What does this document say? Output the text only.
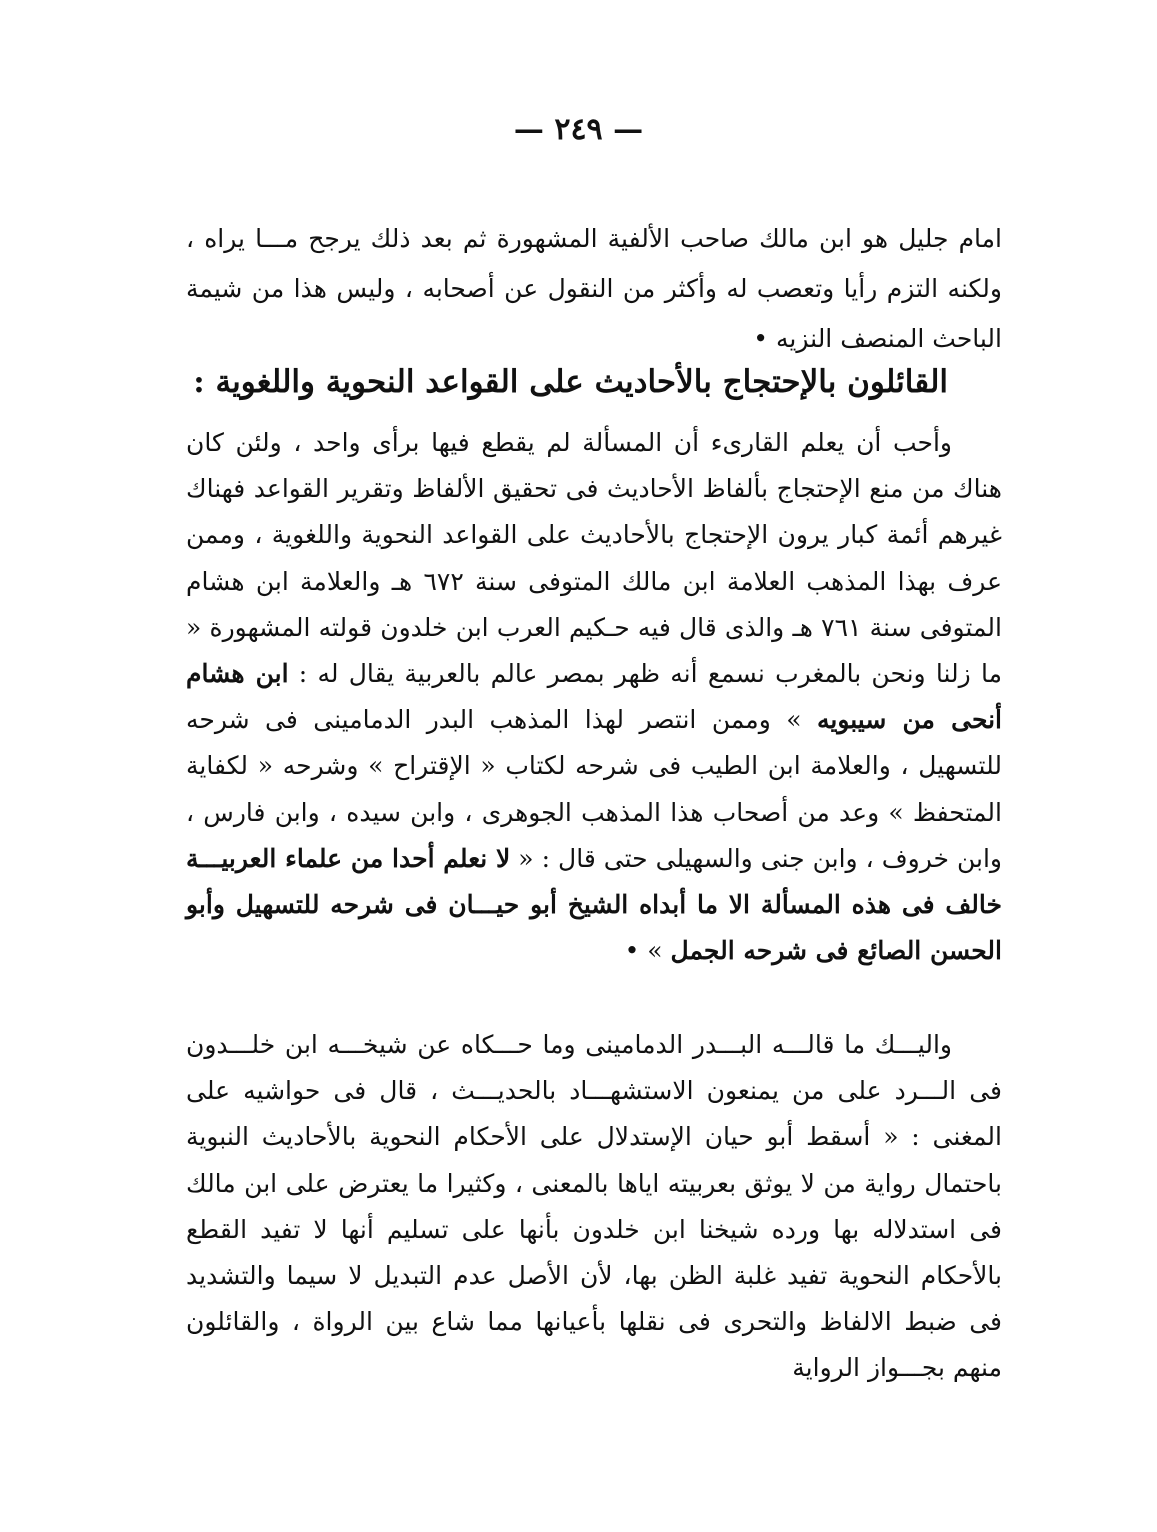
— ٢٤٩ —

امام جليل هو ابن مالك صاحب الألفية المشهورة ثم بعد ذلك يرجح مـــا يراه ، ولكنه التزم رأيا وتعصب له وأكثر من النقول عن أصحابه ، وليس هذا من شيمة الباحث المنصف النزيه •

القائلون بالإحتجاج بالأحاديث على القواعد النحوية واللغوية :

وأحب أن يعلم القارىء أن المسألة لم يقطع فيها برأى واحد ، ولئن كان هناك من منع الإحتجاج بألفاظ الأحاديث فى تحقيق الألفاظ وتقرير القواعد فهناك غيرهم أئمة كبار يرون الإحتجاج بالأحاديث على القواعد النحوية واللغوية ، وممن عرف بهذا المذهب العلامة ابن مالك المتوفى سنة ٦٧٢ هـ والعلامة ابن هشام المتوفى سنة ٧٦١ هـ والذى قال فيه حـكيم العرب ابن خلدون قولته المشهورة « ما زلنا ونحن بالمغرب نسمع أنه ظهر بمصر عالم بالعربية يقال له : ابن هشام أنحى من سيبويه » وممن انتصر لهذا المذهب البدر الدمامينى فى شرحه للتسهيل ، والعلامة ابن الطيب فى شرحه لكتاب « الإقتراح » وشرحه « لكفاية المتحفظ » وعد من أصحاب هذا المذهب الجوهرى ، وابن سيده ، وابن فارس ، وابن خروف ، وابن جنى والسهيلى حتى قال : « لا نعلم أحدا من علماء العربيـــة خالف فى هذه المسألة الا ما أبداه الشيخ أبو حيـــان فى شرحه للتسهيل وأبو الحسن الصائع فى شرحه الجمل » •

واليـــك ما قالـــه البـــدر الدمامينى وما حـــكاه عن شيخـــه ابن خلـــدون فى الـــرد على من يمنعون الاستشهـــاد بالحديـــث ، قال فى حواشيه على المغنى : « أسقط أبو حيان الإستدلال على الأحكام النحوية بالأحاديث النبوية باحتمال رواية من لا يوثق بعربيته اياها بالمعنى ، وكثيرا ما يعترض على ابن مالك فى استدلاله بها ورده شيخنا ابن خلدون بأنها على تسليم أنها لا تفيد القطع بالأحكام النحوية تفيد غلبة الظن بها، لأن الأصل عدم التبديل لا سيما والتشديد فى ضبط الالفاظ والتحرى فى نقلها بأعيانها مما شاع بين الرواة ، والقائلون منهم بجـــواز الرواية
